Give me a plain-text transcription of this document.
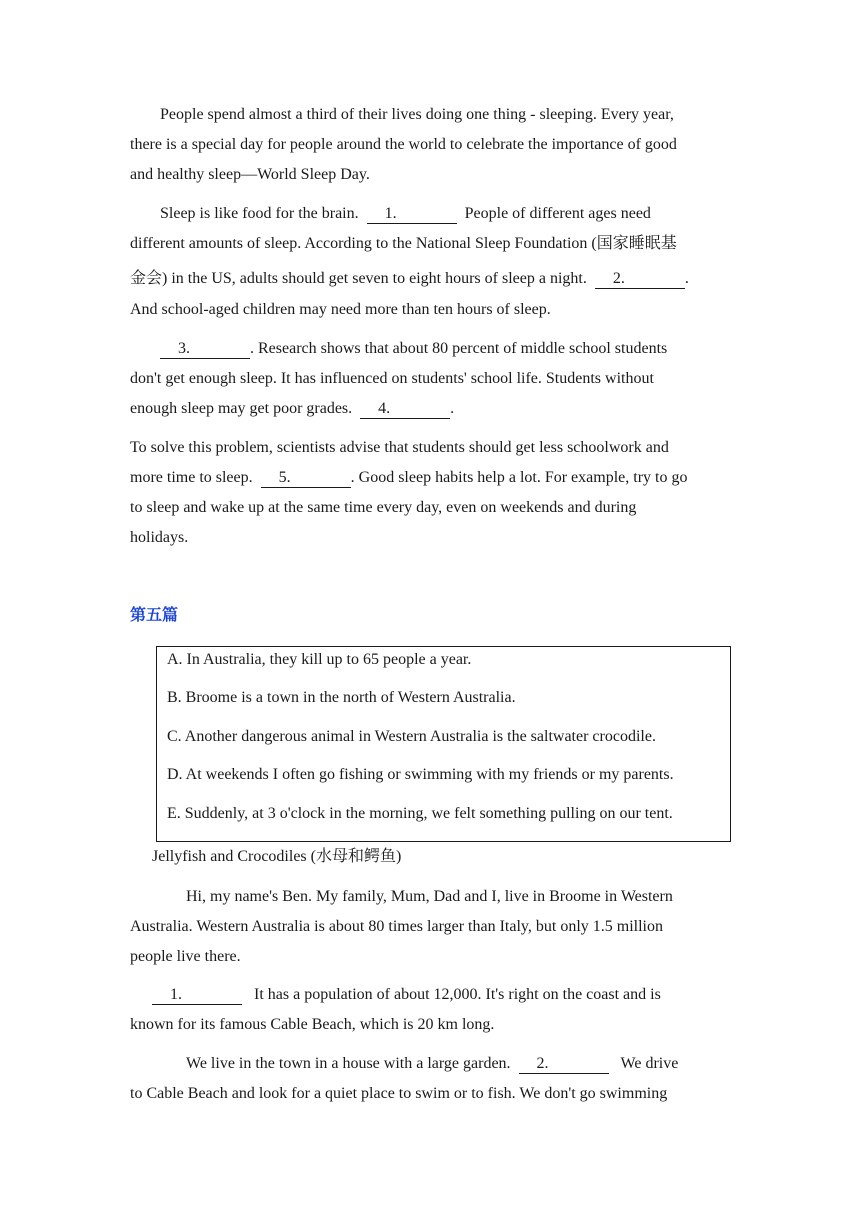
People spend almost a third of their lives doing one thing - sleeping. Every year,

there is a special day for people around the world to celebrate the importance of good

and healthy sleep—World Sleep Day.

Sleep is like food for the brain. 1.	People of different ages need

different amounts of sleep. According to the National Sleep Foundation (国家睡眠基

金会) in the US, adults should get seven to eight hours of sleep a night. 2.	.

And school-aged children may need more than ten hours of sleep.

3.	. Research shows that about 80 percent of middle school students

don't get enough sleep. It has influenced on students' school life. Students without

enough sleep may get poor grades. 4.	.

To solve this problem, scientists advise that students should get less schoolwork and

more time to sleep. 5.	. Good sleep habits help a lot. For example, try to go

to sleep and wake up at the same time every day, even on weekends and during

holidays.

第五篇
A. In Australia, they kill up to 65 people a year.
B. Broome is a town in the north of Western Australia.
C. Another dangerous animal in Western Australia is the saltwater crocodile.
D. At weekends I often go fishing or swimming with my friends or my parents.
E. Suddenly, at 3 o'clock in the morning, we felt something pulling on our tent.

Jellyfish and Crocodiles (水母和鳄鱼)

Hi, my name's Ben. My family, Mum, Dad and I, live in Broome in Western

Australia. Western Australia is about 80 times larger than Italy, but only 1.5 million

people live there.

1.	It has a population of about 12,000. It's right on the coast and is

known for its famous Cable Beach, which is 20 km long.

We live in the town in a house with a large garden. 2.	We drive

to Cable Beach and look for a quiet place to swim or to fish. We don't go swimming
